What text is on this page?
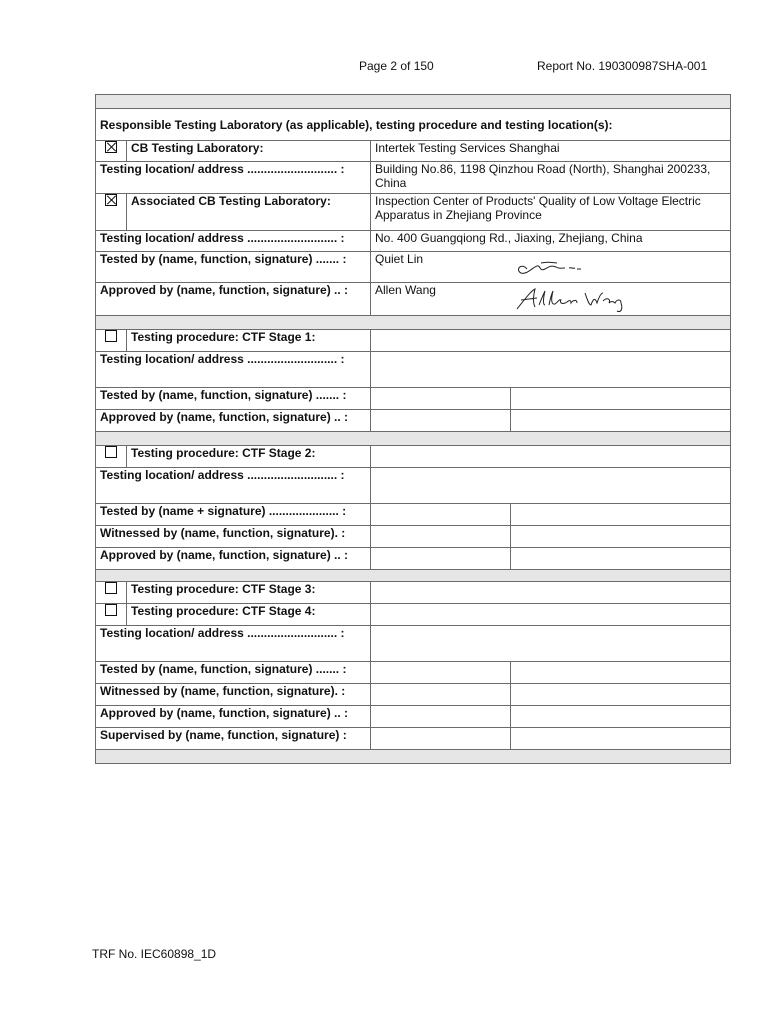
Page 2 of 150	Report No. 190300987SHA-001

Responsible Testing Laboratory (as applicable), testing procedure and testing location(s):			
	CB Testing Laboratory:	Intertek Testing Services Shanghai	
Testing location/ address ........................... :		Building No.86, 1198 Qinzhou Road (North), Shanghai 200233, China	
	Associated CB Testing Laboratory:	Inspection Center of Products' Quality of Low Voltage Electric Apparatus in Zhejiang Province	
Testing location/ address ........................... :		No. 400 Guangqiong Rd., Jiaxing, Zhejiang, China	
Tested by (name, function, signature) ....... :		Quiet Lin	

Approved by (name, function, signature) .. :		Allen Wang	

	Testing procedure: CTF Stage 1:		
Testing location/ address ........................... :			
Tested by (name, function, signature) ....... :			
Approved by (name, function, signature) .. :			

	Testing procedure: CTF Stage 2:		
Testing location/ address ........................... :			
Tested by (name + signature) ..................... :			
Witnessed by (name, function, signature). :			
Approved by (name, function, signature) .. :			

	Testing procedure: CTF Stage 3:		
	Testing procedure: CTF Stage 4:		
Testing location/ address ........................... :			
Tested by (name, function, signature) ....... :			
Witnessed by (name, function, signature). :			
Approved by (name, function, signature) .. :			
Supervised by (name, function, signature) :			

TRF No. IEC60898_1D
